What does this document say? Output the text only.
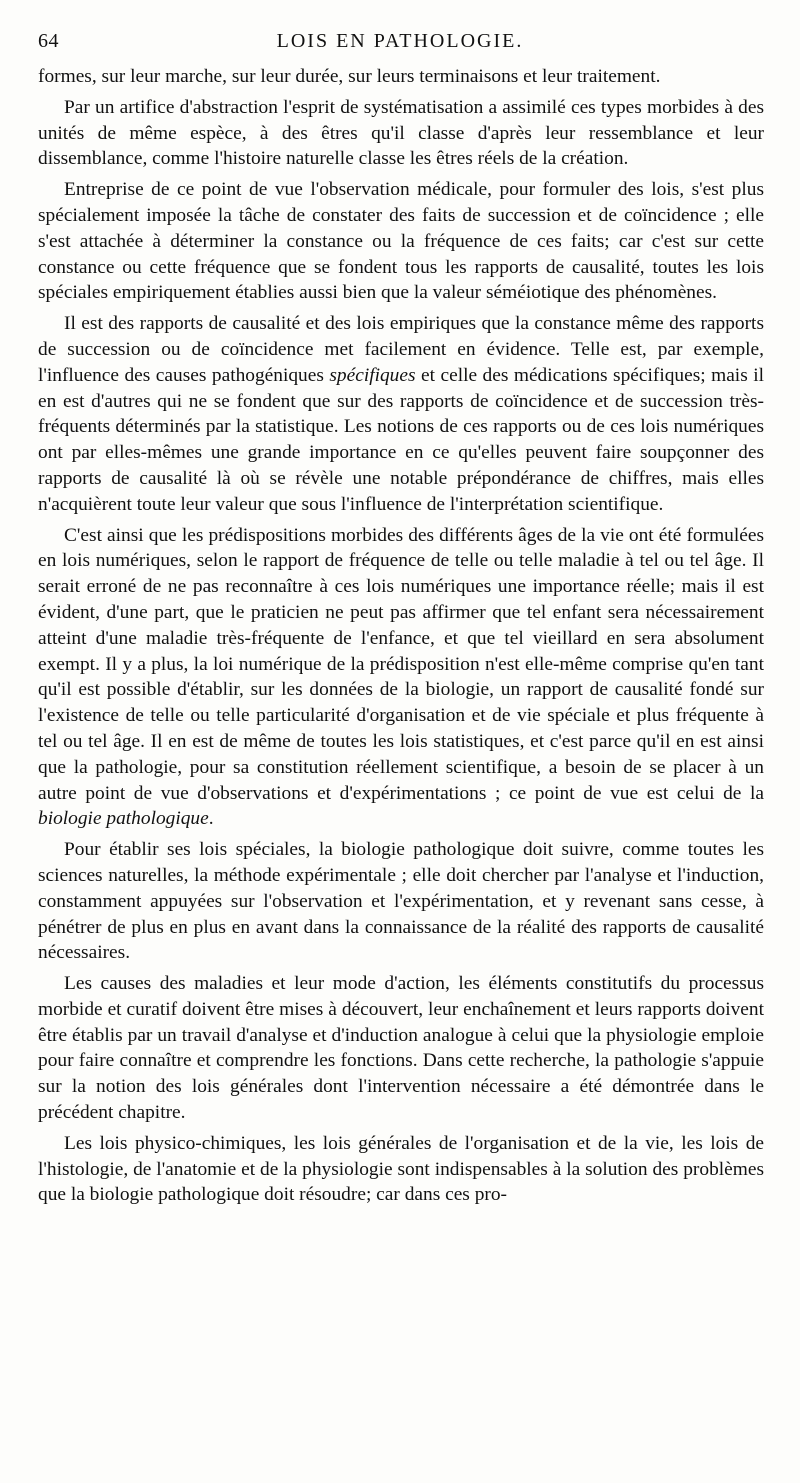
64	LOIS EN PATHOLOGIE.

formes, sur leur marche, sur leur durée, sur leurs terminaisons et leur traitement.

Par un artifice d'abstraction l'esprit de systématisation a assimilé ces types morbides à des unités de même espèce, à des êtres qu'il classe d'après leur ressemblance et leur dissemblance, comme l'histoire naturelle classe les êtres réels de la création.

Entreprise de ce point de vue l'observation médicale, pour formuler des lois, s'est plus spécialement imposée la tâche de constater des faits de succession et de coïncidence ; elle s'est attachée à déterminer la constance ou la fréquence de ces faits; car c'est sur cette constance ou cette fréquence que se fondent tous les rapports de causalité, toutes les lois spéciales empiriquement établies aussi bien que la valeur séméiotique des phénomènes.

Il est des rapports de causalité et des lois empiriques que la constance même des rapports de succession ou de coïncidence met facilement en évidence. Telle est, par exemple, l'influence des causes pathogéniques spécifiques et celle des médications spécifiques; mais il en est d'autres qui ne se fondent que sur des rapports de coïncidence et de succession très-fréquents déterminés par la statistique. Les notions de ces rapports ou de ces lois numériques ont par elles-mêmes une grande importance en ce qu'elles peuvent faire soupçonner des rapports de causalité là où se révèle une notable prépondérance de chiffres, mais elles n'acquièrent toute leur valeur que sous l'influence de l'interprétation scientifique.

C'est ainsi que les prédispositions morbides des différents âges de la vie ont été formulées en lois numériques, selon le rapport de fréquence de telle ou telle maladie à tel ou tel âge. Il serait erroné de ne pas reconnaître à ces lois numériques une importance réelle; mais il est évident, d'une part, que le praticien ne peut pas affirmer que tel enfant sera nécessairement atteint d'une maladie très-fréquente de l'enfance, et que tel vieillard en sera absolument exempt. Il y a plus, la loi numérique de la prédisposition n'est elle-même comprise qu'en tant qu'il est possible d'établir, sur les données de la biologie, un rapport de causalité fondé sur l'existence de telle ou telle particularité d'organisation et de vie spéciale et plus fréquente à tel ou tel âge. Il en est de même de toutes les lois statistiques, et c'est parce qu'il en est ainsi que la pathologie, pour sa constitution réellement scientifique, a besoin de se placer à un autre point de vue d'observations et d'expérimentations ; ce point de vue est celui de la biologie pathologique.

Pour établir ses lois spéciales, la biologie pathologique doit suivre, comme toutes les sciences naturelles, la méthode expérimentale ; elle doit chercher par l'analyse et l'induction, constamment appuyées sur l'observation et l'expérimentation, et y revenant sans cesse, à pénétrer de plus en plus en avant dans la connaissance de la réalité des rapports de causalité nécessaires.

Les causes des maladies et leur mode d'action, les éléments constitutifs du processus morbide et curatif doivent être mises à découvert, leur enchaînement et leurs rapports doivent être établis par un travail d'analyse et d'induction analogue à celui que la physiologie emploie pour faire connaître et comprendre les fonctions. Dans cette recherche, la pathologie s'appuie sur la notion des lois générales dont l'intervention nécessaire a été démontrée dans le précédent chapitre.

Les lois physico-chimiques, les lois générales de l'organisation et de la vie, les lois de l'histologie, de l'anatomie et de la physiologie sont indispensables à la solution des problèmes que la biologie pathologique doit résoudre; car dans ces pro-
